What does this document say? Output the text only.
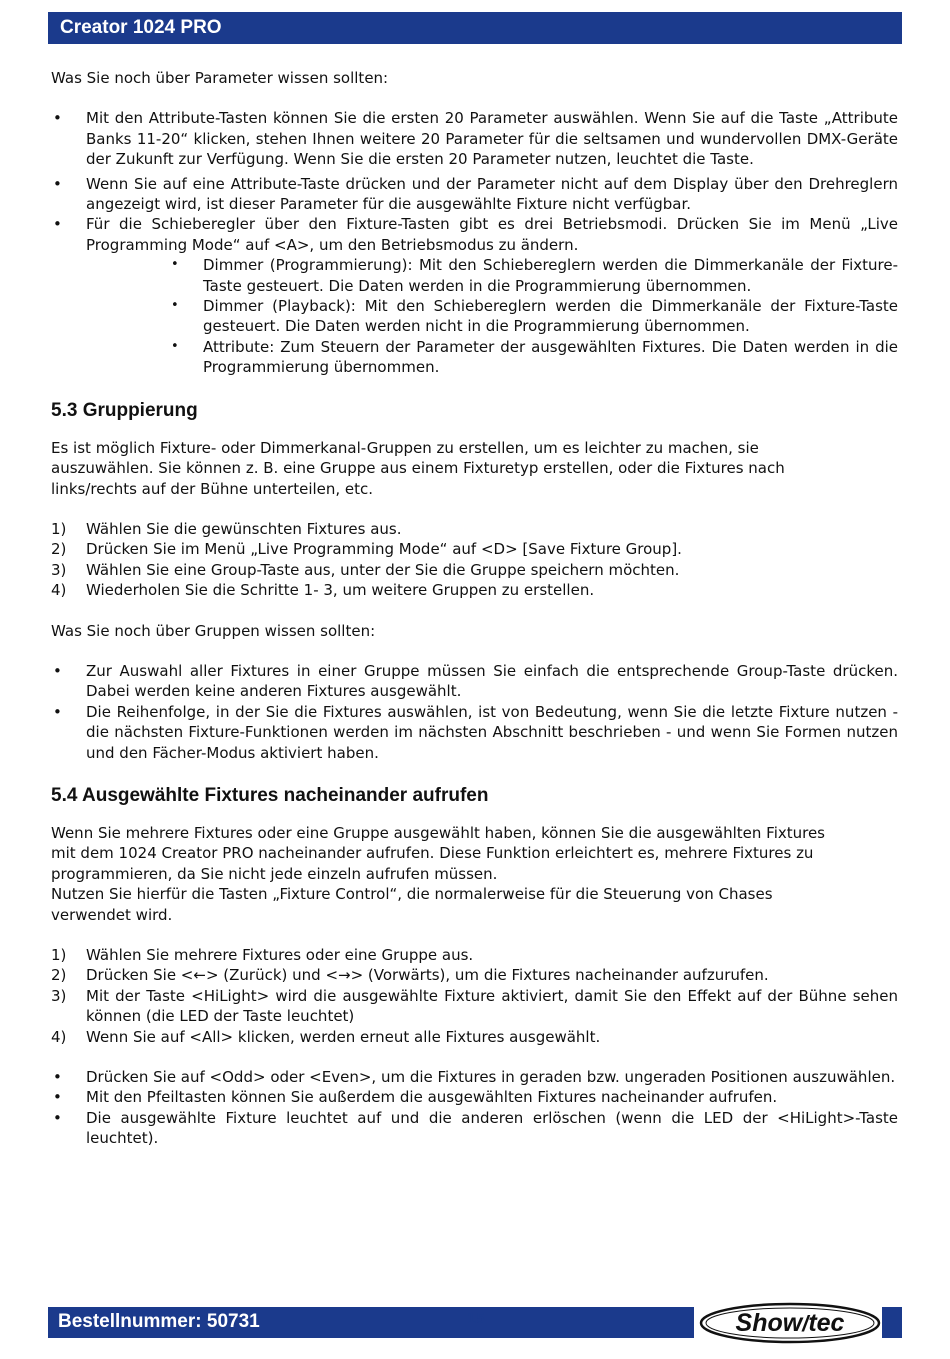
Creator 1024 PRO

Was Sie noch über Parameter wissen sollten:

• Mit den Attribute-Tasten können Sie die ersten 20 Parameter auswählen. Wenn Sie auf die Taste „Attribute Banks 11-20“ klicken, stehen Ihnen weitere 20 Parameter für die seltsamen und wundervollen DMX-Geräte der Zukunft zur Verfügung. Wenn Sie die ersten 20 Parameter nutzen, leuchtet die Taste.
• Wenn Sie auf eine Attribute-Taste drücken und der Parameter nicht auf dem Display über den Drehreglern angezeigt wird, ist dieser Parameter für die ausgewählte Fixture nicht verfügbar.
• Für die Schieberegler über den Fixture-Tasten gibt es drei Betriebsmodi. Drücken Sie im Menü „Live Programming Mode“ auf <A>, um den Betriebsmodus zu ändern.
• Dimmer (Programmierung): Mit den Schiebereglern werden die Dimmerkanäle der Fixture-Taste gesteuert. Die Daten werden in die Programmierung übernommen.
• Dimmer (Playback): Mit den Schiebereglern werden die Dimmerkanäle der Fixture-Taste gesteuert. Die Daten werden nicht in die Programmierung übernommen.
• Attribute: Zum Steuern der Parameter der ausgewählten Fixtures. Die Daten werden in die Programmierung übernommen.
5.3 Gruppierung

Es ist möglich Fixture- oder Dimmerkanal-Gruppen zu erstellen, um es leichter zu machen, sie

auszuwählen. Sie können z. B. eine Gruppe aus einem Fixturetyp erstellen, oder die Fixtures nach

links/rechts auf der Bühne unterteilen, etc.

1) Wählen Sie die gewünschten Fixtures aus.
2) Drücken Sie im Menü „Live Programming Mode“ auf <D> [Save Fixture Group].
3) Wählen Sie eine Group-Taste aus, unter der Sie die Gruppe speichern möchten.
4) Wiederholen Sie die Schritte 1- 3, um weitere Gruppen zu erstellen.

Was Sie noch über Gruppen wissen sollten:

• Zur Auswahl aller Fixtures in einer Gruppe müssen Sie einfach die entsprechende Group-Taste drücken. Dabei werden keine anderen Fixtures ausgewählt.
• Die Reihenfolge, in der Sie die Fixtures auswählen, ist von Bedeutung, wenn Sie die letzte Fixture nutzen - die nächsten Fixture-Funktionen werden im nächsten Abschnitt beschrieben - und wenn Sie Formen nutzen und den Fächer-Modus aktiviert haben.
5.4 Ausgewählte Fixtures nacheinander aufrufen

Wenn Sie mehrere Fixtures oder eine Gruppe ausgewählt haben, können Sie die ausgewählten Fixtures

mit dem 1024 Creator PRO nacheinander aufrufen. Diese Funktion erleichtert es, mehrere Fixtures zu

programmieren, da Sie nicht jede einzeln aufrufen müssen.

Nutzen Sie hierfür die Tasten „Fixture Control“, die normalerweise für die Steuerung von Chases

verwendet wird.

1) Wählen Sie mehrere Fixtures oder eine Gruppe aus.
2) Drücken Sie <←> (Zurück) und <→> (Vorwärts), um die Fixtures nacheinander aufzurufen.
3) Mit der Taste <HiLight> wird die ausgewählte Fixture aktiviert, damit Sie den Effekt auf der Bühne sehen können (die LED der Taste leuchtet)
4) Wenn Sie auf <All> klicken, werden erneut alle Fixtures ausgewählt.
• Drücken Sie auf <Odd> oder <Even>, um die Fixtures in geraden bzw. ungeraden Positionen auszuwählen.
• Mit den Pfeiltasten können Sie außerdem die ausgewählten Fixtures nacheinander aufrufen.
• Die ausgewählte Fixture leuchtet auf und die anderen erlöschen (wenn die LED der <HiLight>-Taste leuchtet).
Bestellnummer: 50731	15	Show/tec
